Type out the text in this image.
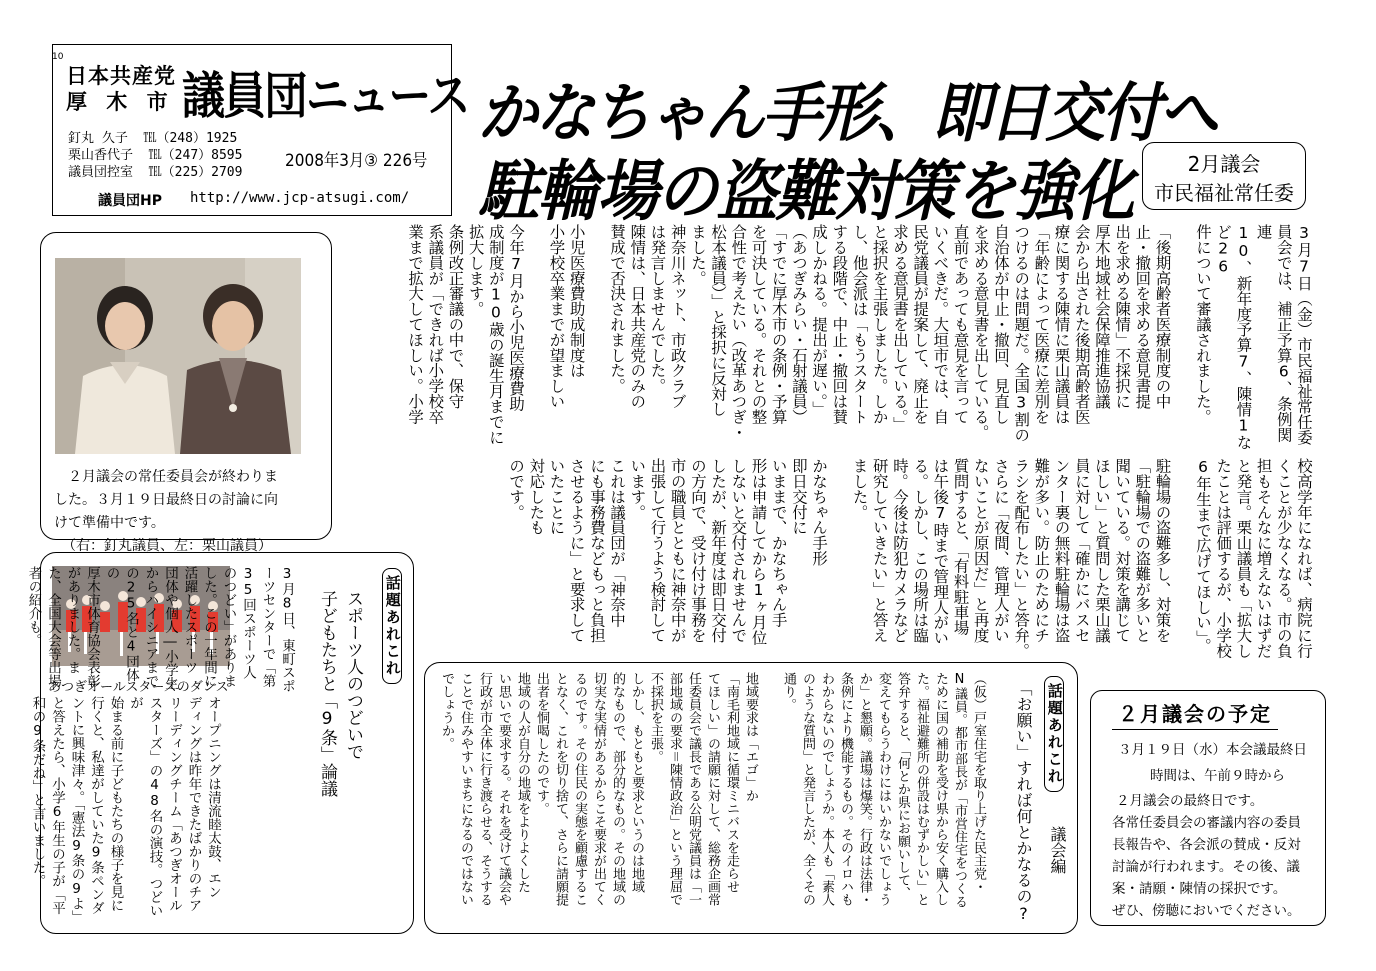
10
日本共産党
厚 木 市 議員団ニュース
釘丸 久子 ℡（248）1925
栗山香代子 ℡（247）8595
議員団控室 ℡（225）2709
2008年3月③ 226号
議員団HP http://www.jcp-atsugi.com/
かなちゃん手形、即日交付へ
駐輪場の盗難対策を強化	2月議会
市民福祉常任委
3月7日（金）市民福祉常任委
員会では、補正予算6、条例関連
10、新年度予算7、陳情1など26
件について審議されました。

「後期高齢者医療制度の中
止・撤回を求める意見書提
出を求める陳情」不採択に
厚木地域社会保障推進協議
会から出された後期高齢者医
療に関する陳情に栗山議員は
「年齢によって医療に差別を
つけるのは問題だ。全国3割の
自治体が中止・撤回、見直し
を求める意見書を出している。
直前であっても意見を言って
いくべきだ。大垣市では、自
民党議員が提案して、廃止を
求める意見書を出している。」
と採択を主張しました。しか
し、他会派は「もうスタート
する段階で、中止・撤回は賛
成しかねる。提出が遅い。」
（あつぎみらい・石射議員）
「すでに厚木市の条例・予算
を可決している。それとの整
合性で考えたい（改革あつぎ・
松本議員）」と採択に反対し
ました。
神奈川ネット、市政クラブ
は発言しませんでした。
陳情は、日本共産党のみの
賛成で否決されました。

小児医療費助成制度は
小学校卒業までが望ましい

今年7月から小児医療費助
成制度が10歳の誕生月までに
拡大します。
条例改正審議の中で、保守
系議員が「できれば小学校卒
業まで拡大してほしい。小学
校高学年になれば、病院に行
くことが少なくなる。市の負
担もそんなに増えないはずだ
と発言。栗山議員も「拡大し
たことは評価するが、小学校
6年生まで広げてほしい」。

駐輪場の盗難多し、対策を
「駐輪場での盗難が多いと
聞いている。対策を講じて
ほしい」と質問した栗山議
員に対して「確かにバスセ
ンター裏の無料駐輪場は盗
難が多い。防止のためにチ
ラシを配布したい」と答弁。
さらに「夜間、管理人がい
ないことが原因だ」と再度
質問すると、「有料駐車場
は午後7時まで管理人がい
る。しかし、この場所は臨
時。今後は防犯カメラなど
研究していきたい」と答え
ました。

かなちゃん手形
即日交付に
いままで、かなちゃん手
形は申請してから1ヶ月位
しないと交付されませんで
したが、新年度は即日交付
の方向で、受け付け事務を
市の職員とともに神奈中が
出張して行うよう検討して
います。
これは議員団が「神奈中
にも事務費などもっと負担
させるように」と要求して
いたことに
対応したも
のです。
２月議会の常任委員会が終わりま
した。３月１９日最終日の討論に向
けて準備中です。
（右：釘丸議員、左：栗山議員）
あつぎオールスターズのダンス
話題あれこれ
スポーツ人のつどいで
子どもたちと「9条」論議
3月8日、東町スポーツセンターで「第35回スポーツ人
のつどい」がありました。この一年間に活躍したスポーツ
団体や個人―小学生からハイシニアまでの25名と4団体の
厚木市体育協会表彰がありました。また、全国大会等出場
者の紹介も。
オープニングは清流睦太鼓、エン
ディングは昨年できたばかりのチア
リーディングチーム「あつぎオール
スターズ」の48名の演技。つどいが
始まる前に子どもたちの様子を見に
行くと、私達がしていた9条ペンダ
ントに興味津々。「憲法9条の9よ」
と答えたら、小学6年生の子が「平
和の9条だね」と言いました。	話題あれこれ
「お願い」すれば何とかなるの? 議会編
（仮）戸室住宅を取り上げた民主党・
N議員。都市部長が「市営住宅をつくる
ために国の補助を受け県から安く購入し
た。福祉避難所の併設はむずかしい」と
答弁すると、「何とか県にお願いして、
変えてもらうわけにはいかないでしょう
か」と懇願。議場は爆笑。行政は法律・
条例により機能するもの。そのイロハも
わからないのでしょうか。本人も「素人
のような質問」と発言したが、全くその
通り。

地域要求は「エゴ」か
「南毛利地域に循環ミニバスを走らせ
てほしい」の請願に対して、総務企画常
任委員会で議長である公明党議員は「一
部地域の要求＝陳情政治」という理屈で
不採択を主張。
しかし、もともと要求というのは地域
的なもので、部分的なもの。その地域の
切実な実情があるからこそ要求が出てく
るのです。その住民の実態を顧慮するこ
となく、これを切り捨て、さらに請願提
出者を恫喝したのです。
地域の人が自分の地域をよりよくした
い思いで要求する。それを受けて議会や
行政が市全体に行き渡らせる、そうする
ことで住みやすいまちになるのではない
でしょうか。	２月議会の予定
３月１９日（水）本会議最終日
時間は、午前９時から
２月議会の最終日です。
各常任委員会の審議内容の委員
長報告や、各会派の賛成・反対
討論が行われます。その後、議
案・請願・陳情の採択です。
ぜひ、傍聴においでください。
